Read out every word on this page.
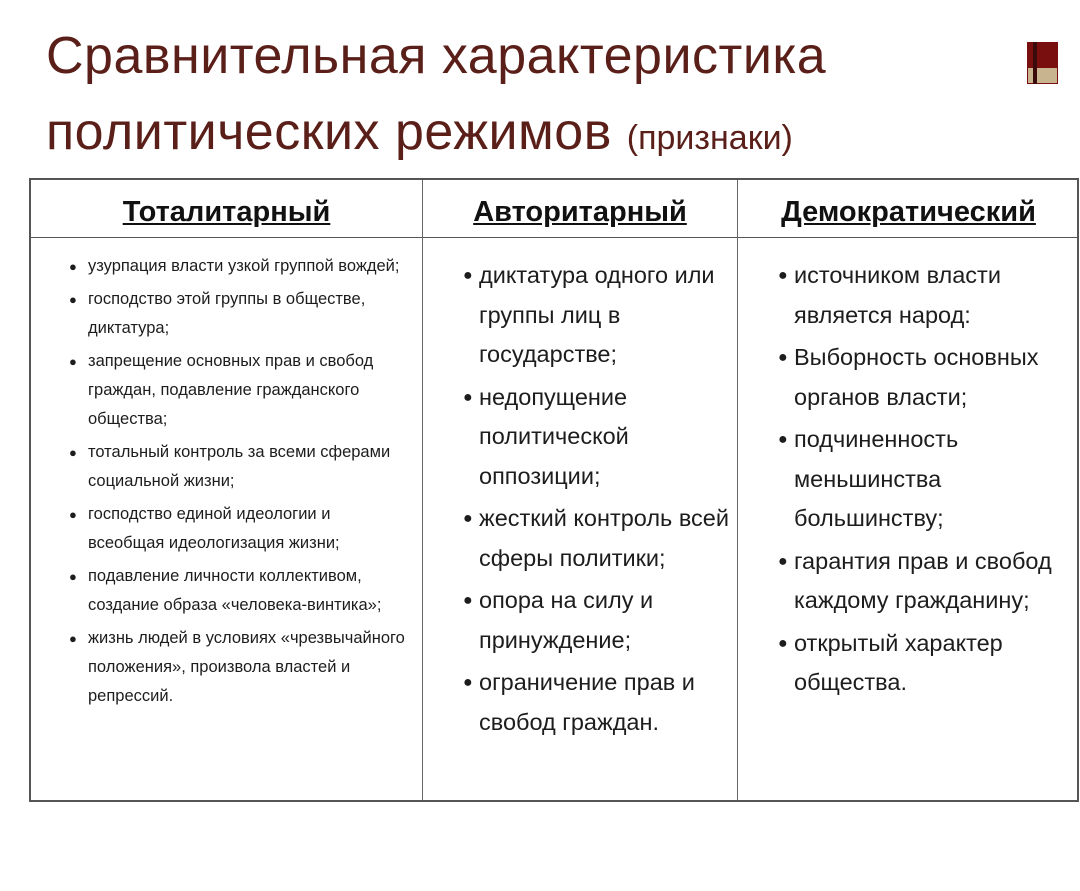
Сравнительная характеристика
политических режимов (признаки)
Тоталитарный
● узурпация власти узкой группой вождей;
● господство этой группы в обществе, диктатура;
● запрещение основных прав и свобод граждан, подавление гражданского общества;
● тотальный контроль за всеми сферами социальной жизни;
● господство единой идеологии и всеобщая идеологизация жизни;
● подавление личности коллективом, создание образа «человека-винтика»;
● жизнь людей в условиях «чрезвычайного положения», произвола властей и репрессий.
Авторитарный
● диктатура одного или группы лиц в государстве;
● недопущение политической оппозиции;
● жесткий контроль всей сферы политики;
● опора на силу и принуждение;
● ограничение прав и свобод граждан.
Демократический
● источником власти является народ:
● Выборность основных органов власти;
● подчиненность меньшинства большинству;
● гарантия прав и свобод каждому гражданину;
● открытый характер общества.
